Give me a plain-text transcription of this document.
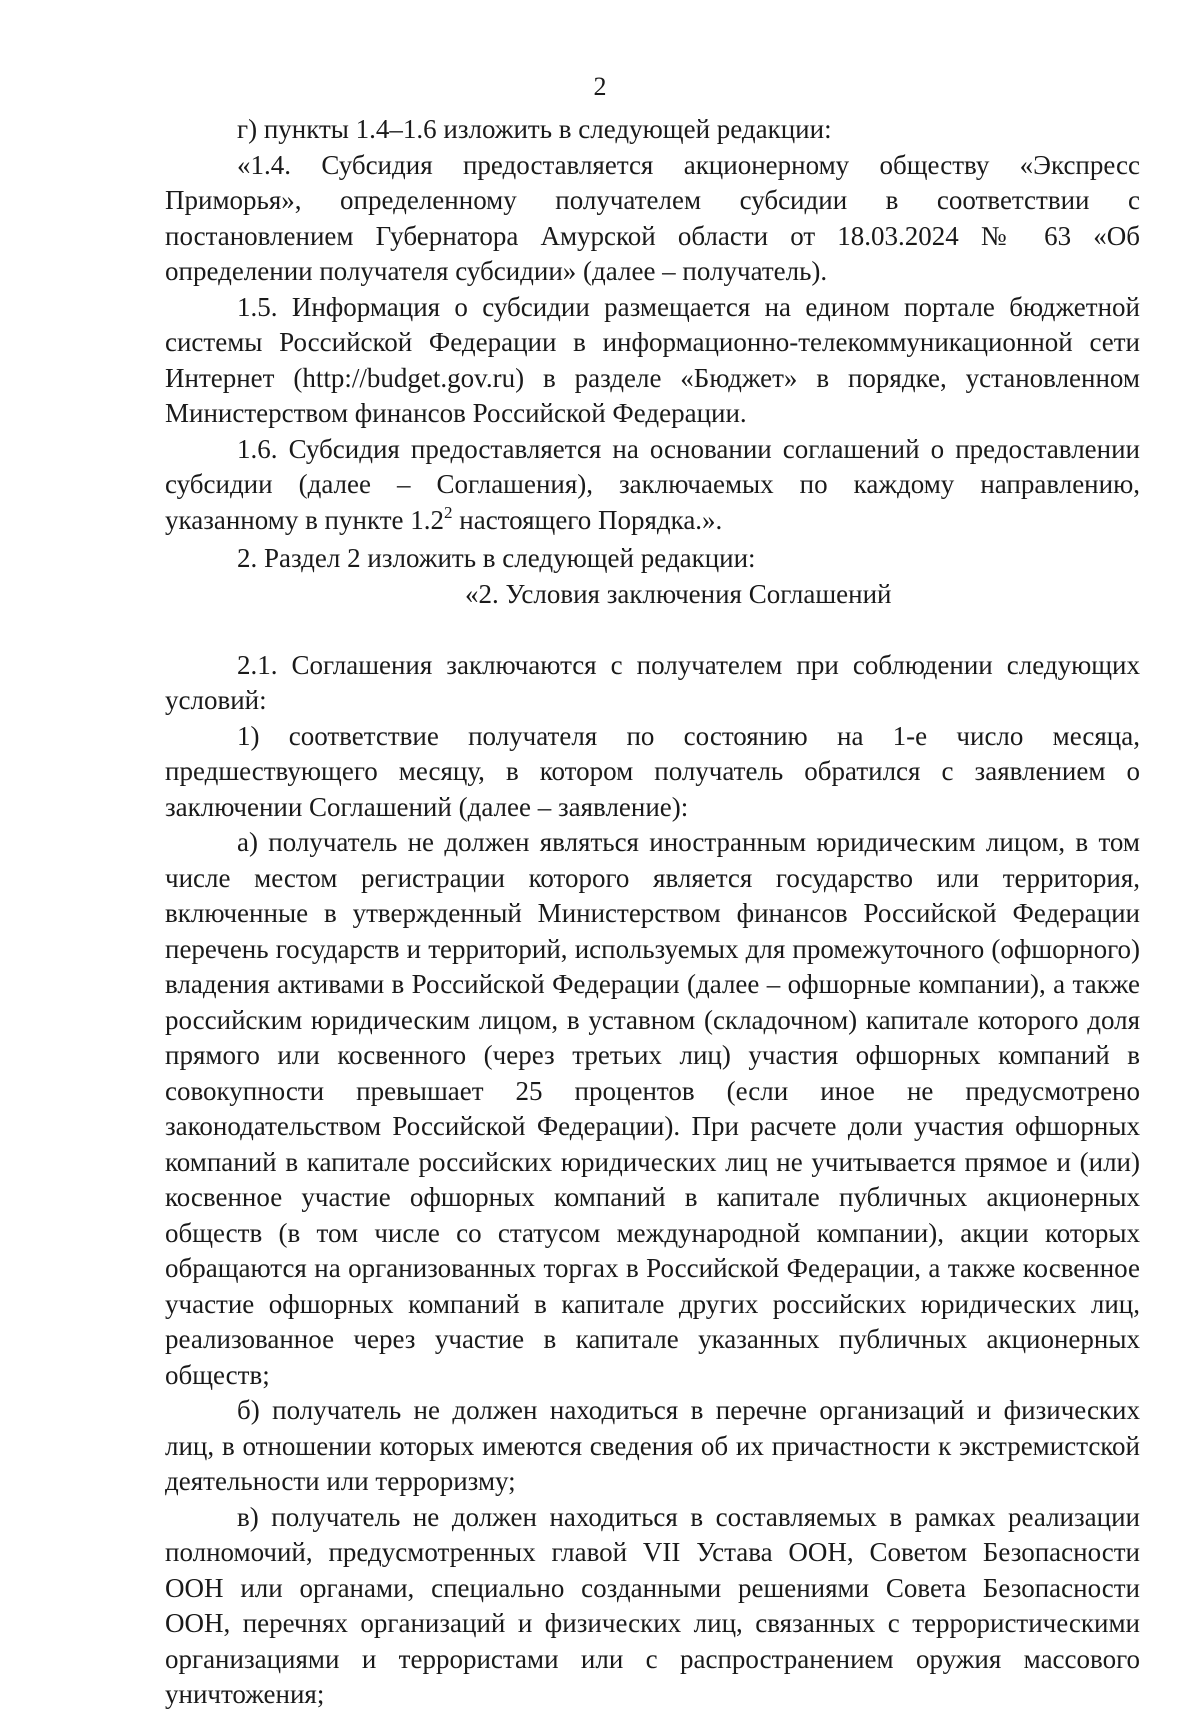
2

г) пункты 1.4–1.6 изложить в следующей редакции:

«1.4. Субсидия предоставляется акционерному обществу «Экспресс Приморья», определенному получателем субсидии в соответствии с постановлением Губернатора Амурской области от 18.03.2024 № 63 «Об определении получателя субсидии» (далее – получатель).

1.5. Информация о субсидии размещается на едином портале бюджетной системы Российской Федерации в информационно-телекоммуникационной сети Интернет (http://budget.gov.ru) в разделе «Бюджет» в порядке, установленном Министерством финансов Российской Федерации.

1.6. Субсидия предоставляется на основании соглашений о предоставлении субсидии (далее – Соглашения), заключаемых по каждому направлению, указанному в пункте $1.2^2$ настоящего Порядка.».

2. Раздел 2 изложить в следующей редакции:

«2. Условия заключения Соглашений

2.1. Соглашения заключаются с получателем при соблюдении следующих условий:

1) соответствие получателя по состоянию на 1-е число месяца, предшествующего месяцу, в котором получатель обратился с заявлением о заключении Соглашений (далее – заявление):

а) получатель не должен являться иностранным юридическим лицом, в том числе местом регистрации которого является государство или территория, включенные в утвержденный Министерством финансов Российской Федерации перечень государств и территорий, используемых для промежуточного (офшорного) владения активами в Российской Федерации (далее – офшорные компании), а также российским юридическим лицом, в уставном (складочном) капитале которого доля прямого или косвенного (через третьих лиц) участия офшорных компаний в совокупности превышает 25 процентов (если иное не предусмотрено законодательством Российской Федерации). При расчете доли участия офшорных компаний в капитале российских юридических лиц не учитывается прямое и (или) косвенное участие офшорных компаний в капитале публичных акционерных обществ (в том числе со статусом международной компании), акции которых обращаются на организованных торгах в Российской Федерации, а также косвенное участие офшорных компаний в капитале других российских юридических лиц, реализованное через участие в капитале указанных публичных акционерных обществ;

б) получатель не должен находиться в перечне организаций и физических лиц, в отношении которых имеются сведения об их причастности к экстремистской деятельности или терроризму;

в) получатель не должен находиться в составляемых в рамках реализации полномочий, предусмотренных главой VII Устава ООН, Советом Безопасности ООН или органами, специально созданными решениями Совета Безопасности ООН, перечнях организаций и физических лиц, связанных с террористическими организациями и террористами или с распространением оружия массового уничтожения;
